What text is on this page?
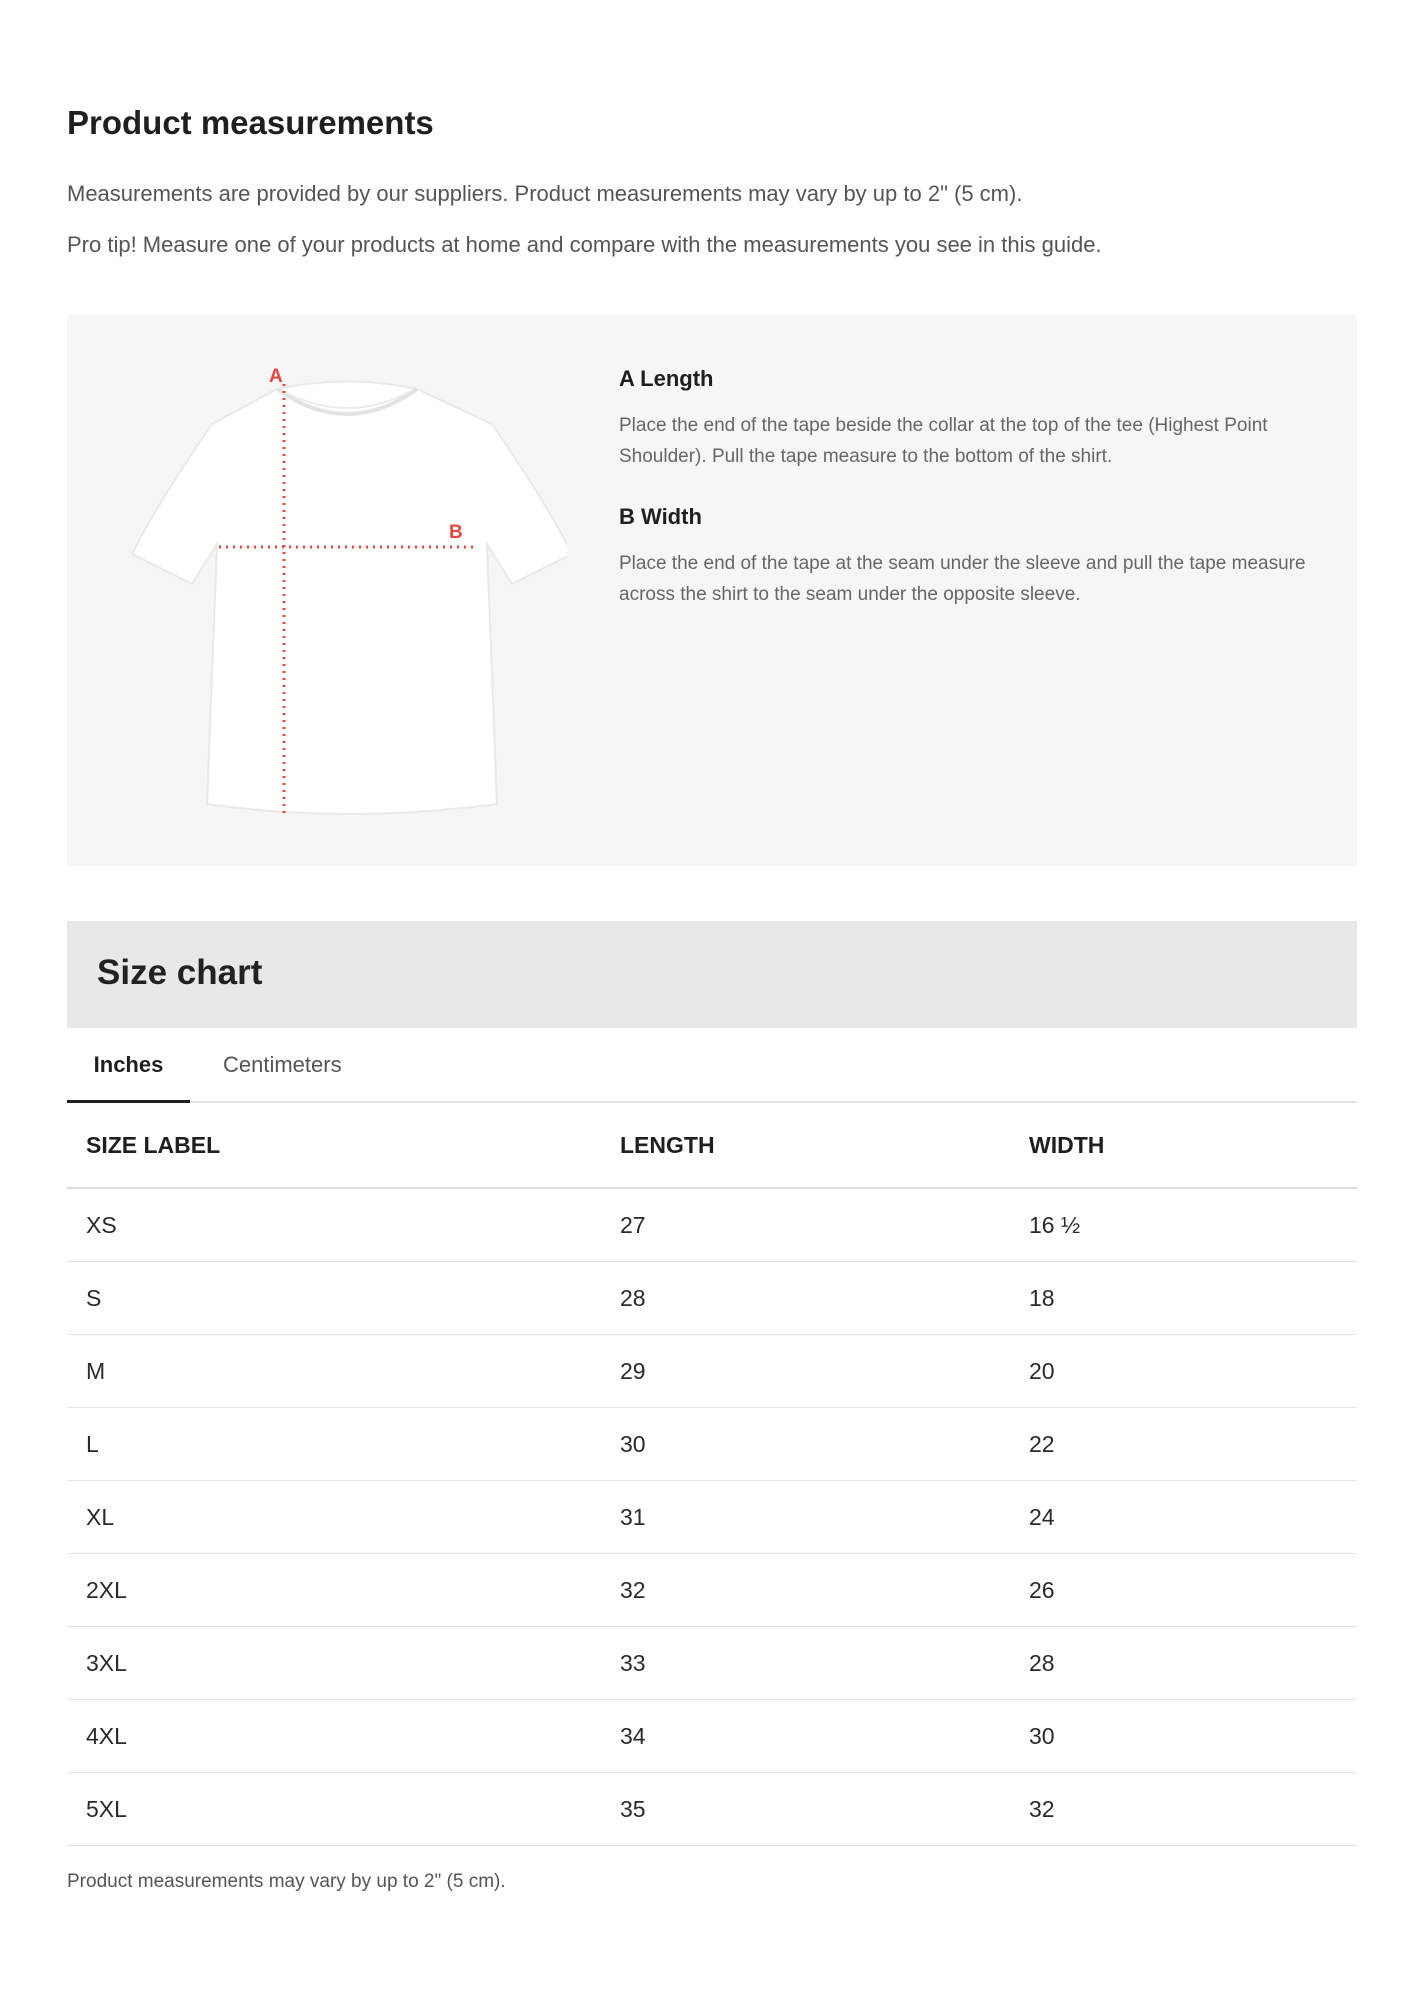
Product measurements

Measurements are provided by our suppliers. Product measurements may vary by up to 2" (5 cm).

Pro tip! Measure one of your products at home and compare with the measurements you see in this guide.

A
B

A Length

Place the end of the tape beside the collar at the top of the tee (Highest Point Shoulder). Pull the tape measure to the bottom of the shirt.

B Width

Place the end of the tape at the seam under the sleeve and pull the tape measure across the shirt to the seam under the opposite sleeve.

Size chart
Inches	Centimeters
SIZE LABEL	LENGTH	WIDTH
XS	27	16 ½
S	28	18
M	29	20
L	30	22
XL	31	24
2XL	32	26
3XL	33	28
4XL	34	30
5XL	35	32

Product measurements may vary by up to 2" (5 cm).
